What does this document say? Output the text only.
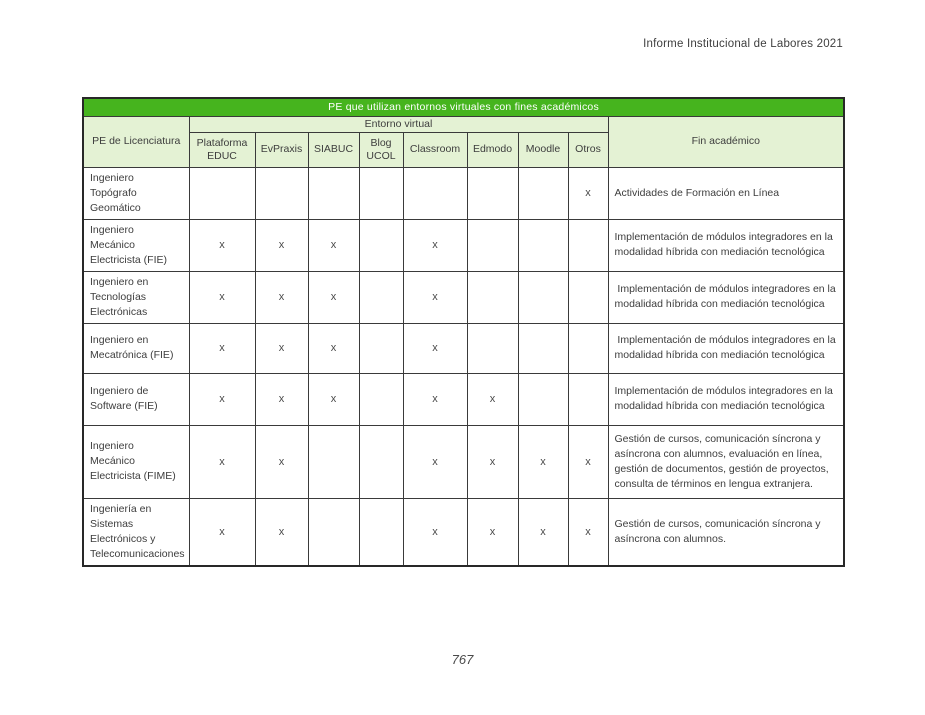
Informe Institucional de Labores 2021
PE que utilizan entornos virtuales con fines académicos									
PE de Licenciatura	Entorno virtual								Fin académico
	Plataforma EDUC	EvPraxis	SIABUC	Blog UCOL	Classroom	Edmodo	Moodle	Otros	
Ingeniero Topógrafo Geomático								x	Actividades de Formación en Línea
Ingeniero Mecánico Electricista (FIE)	x	x	x		x				Implementación de módulos integradores en la modalidad híbrida con mediación tecnológica
Ingeniero en Tecnologías Electrónicas	x	x	x		x				Implementación de módulos integradores en la modalidad híbrida con mediación tecnológica
Ingeniero en Mecatrónica (FIE)	x	x	x		x				Implementación de módulos integradores en la modalidad híbrida con mediación tecnológica
Ingeniero de Software (FIE)	x	x	x		x	x			Implementación de módulos integradores en la modalidad híbrida con mediación tecnológica
Ingeniero Mecánico Electricista (FIME)	x	x			x	x	x	x	Gestión de cursos, comunicación síncrona y asíncrona con alumnos, evaluación en línea, gestión de documentos, gestión de proyectos, consulta de términos en lengua extranjera.
Ingeniería en Sistemas Electrónicos y Telecomunicaciones	x	x			x	x	x	x	Gestión de cursos, comunicación síncrona y asíncrona con alumnos.
767
